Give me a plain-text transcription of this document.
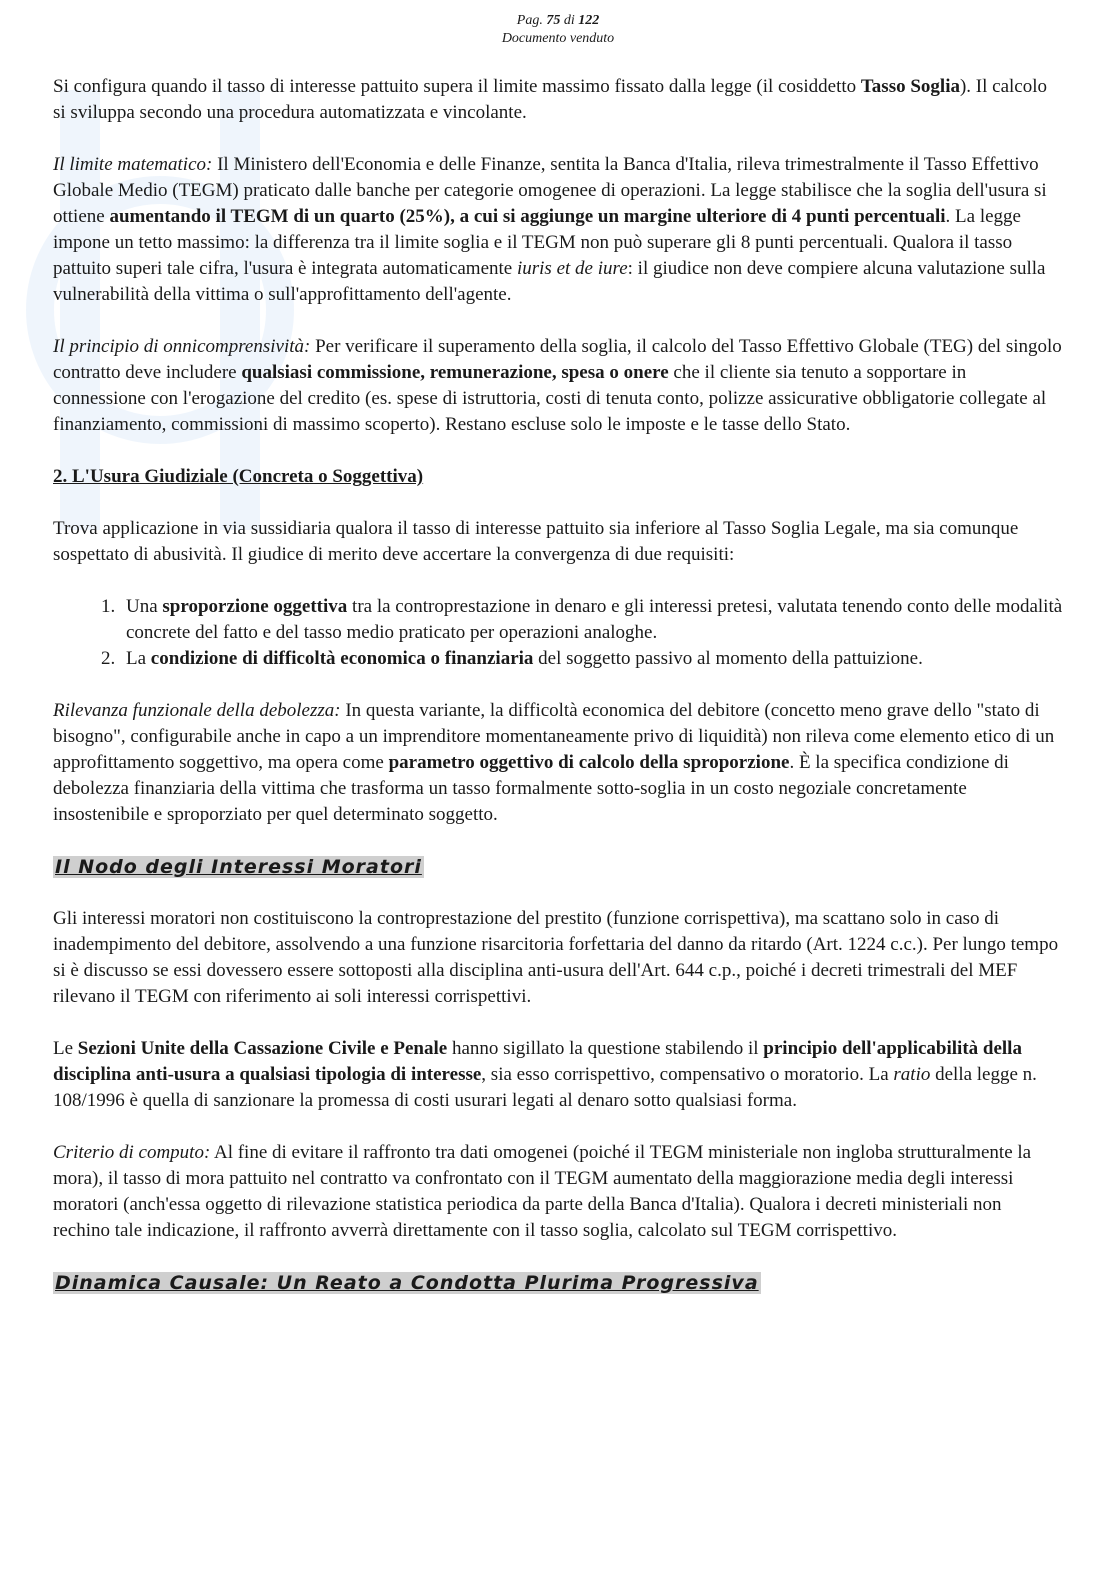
Pag. 75 di 122
Documento venduto

Si configura quando il tasso di interesse pattuito supera il limite massimo fissato dalla legge (il cosiddetto Tasso Soglia). Il calcolo si sviluppa secondo una procedura automatizzata e vincolante.

Il limite matematico: Il Ministero dell'Economia e delle Finanze, sentita la Banca d'Italia, rileva trimestralmente il Tasso Effettivo Globale Medio (TEGM) praticato dalle banche per categorie omogenee di operazioni. La legge stabilisce che la soglia dell'usura si ottiene aumentando il TEGM di un quarto (25%), a cui si aggiunge un margine ulteriore di 4 punti percentuali. La legge impone un tetto massimo: la differenza tra il limite soglia e il TEGM non può superare gli 8 punti percentuali. Qualora il tasso pattuito superi tale cifra, l'usura è integrata automaticamente iuris et de iure: il giudice non deve compiere alcuna valutazione sulla vulnerabilità della vittima o sull'approfittamento dell'agente.

Il principio di onnicomprensività: Per verificare il superamento della soglia, il calcolo del Tasso Effettivo Globale (TEG) del singolo contratto deve includere qualsiasi commissione, remunerazione, spesa o onere che il cliente sia tenuto a sopportare in connessione con l'erogazione del credito (es. spese di istruttoria, costi di tenuta conto, polizze assicurative obbligatorie collegate al finanziamento, commissioni di massimo scoperto). Restano escluse solo le imposte e le tasse dello Stato.

2. L'Usura Giudiziale (Concreta o Soggettiva)

Trova applicazione in via sussidiaria qualora il tasso di interesse pattuito sia inferiore al Tasso Soglia Legale, ma sia comunque sospettato di abusività. Il giudice di merito deve accertare la convergenza di due requisiti:

1. Una sproporzione oggettiva tra la controprestazione in denaro e gli interessi pretesi, valutata tenendo conto delle modalità concrete del fatto e del tasso medio praticato per operazioni analoghe.
2. La condizione di difficoltà economica o finanziaria del soggetto passivo al momento della pattuizione.

Rilevanza funzionale della debolezza: In questa variante, la difficoltà economica del debitore (concetto meno grave dello "stato di bisogno", configurabile anche in capo a un imprenditore momentaneamente privo di liquidità) non rileva come elemento etico di un approfittamento soggettivo, ma opera come parametro oggettivo di calcolo della sproporzione. È la specifica condizione di debolezza finanziaria della vittima che trasforma un tasso formalmente sotto-soglia in un costo negoziale concretamente insostenibile e sproporziato per quel determinato soggetto.

Il Nodo degli Interessi Moratori

Gli interessi moratori non costituiscono la controprestazione del prestito (funzione corrispettiva), ma scattano solo in caso di inadempimento del debitore, assolvendo a una funzione risarcitoria forfettaria del danno da ritardo (Art. 1224 c.c.). Per lungo tempo si è discusso se essi dovessero essere sottoposti alla disciplina anti-usura dell'Art. 644 c.p., poiché i decreti trimestrali del MEF rilevano il TEGM con riferimento ai soli interessi corrispettivi.

Le Sezioni Unite della Cassazione Civile e Penale hanno sigillato la questione stabilendo il principio dell'applicabilità della disciplina anti-usura a qualsiasi tipologia di interesse, sia esso corrispettivo, compensativo o moratorio. La ratio della legge n. 108/1996 è quella di sanzionare la promessa di costi usurari legati al denaro sotto qualsiasi forma.

Criterio di computo: Al fine di evitare il raffronto tra dati omogenei (poiché il TEGM ministeriale non ingloba strutturalmente la mora), il tasso di mora pattuito nel contratto va confrontato con il TEGM aumentato della maggiorazione media degli interessi moratori (anch'essa oggetto di rilevazione statistica periodica da parte della Banca d'Italia). Qualora i decreti ministeriali non rechino tale indicazione, il raffronto avverrà direttamente con il tasso soglia, calcolato sul TEGM corrispettivo.

Dinamica Causale: Un Reato a Condotta Plurima Progressiva
